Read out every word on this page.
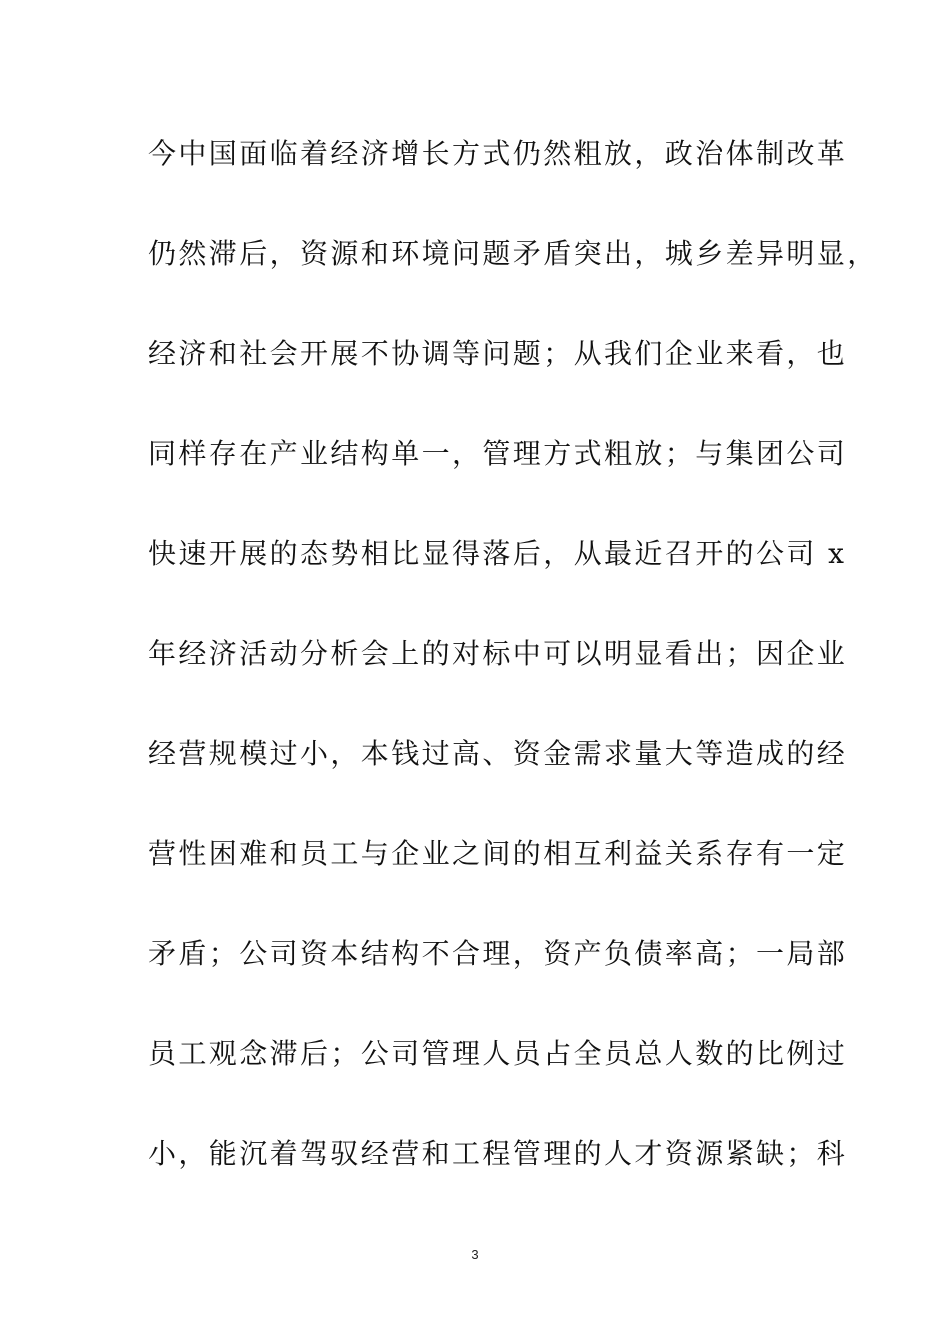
今中国面临着经济增长方式仍然粗放，政治体制改革
仍然滞后，资源和环境问题矛盾突出，城乡差异明显，
经济和社会开展不协调等问题；从我们企业来看，也
同样存在产业结构单一，管理方式粗放；与集团公司
快速开展的态势相比显得落后，从最近召开的公司 x
年经济活动分析会上的对标中可以明显看出；因企业
经营规模过小，本钱过高、资金需求量大等造成的经
营性困难和员工与企业之间的相互利益关系存有一定
矛盾；公司资本结构不合理，资产负债率高；一局部
员工观念滞后；公司管理人员占全员总人数的比例过
小，能沉着驾驭经营和工程管理的人才资源紧缺；科
3
